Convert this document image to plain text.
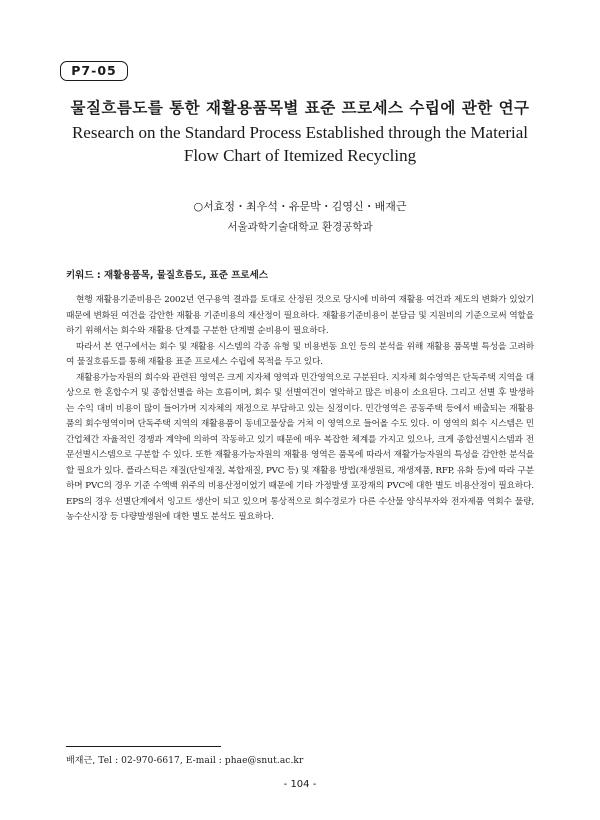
P7-05
물질흐름도를 통한 재활용품목별 표준 프로세스 수립에 관한 연구
Research on the Standard Process Established through the Material Flow Chart of Itemized Recycling
○서효정・최우석・유문박・김영신・배재근
서울과학기술대학교 환경공학과
키워드 : 재활용품목, 물질흐름도, 표준 프로세스

현행 재활용기준비용은 2002년 연구용역 결과를 토대로 산정된 것으로 당시에 비하여 재활용 여건과 제도의 변화가 있었기 때문에 변화된 여건을 감안한 재활용 기준비용의 재산정이 필요하다. 재활용기준비용이 분담금 및 지원비의 기준으로써 역할을 하기 위해서는 회수와 재활용 단계를 구분한 단계별 순비용이 필요하다.

따라서 본 연구에서는 회수 및 재활용 시스템의 각종 유형 및 비용변동 요인 등의 분석을 위해 재활용 품목별 특성을 고려하여 물질흐름도를 통해 재활용 표준 프로세스 수립에 목적을 두고 있다.

재활용가능자원의 회수와 관련된 영역은 크게 지자체 영역과 민간영역으로 구분된다. 지자체 회수영역은 단독주택 지역을 대상으로 한 혼합수거 및 종합선별을 하는 흐름이며, 회수 및 선별여건이 열악하고 많은 비용이 소요된다. 그리고 선별 후 발생하는 수익 대비 비용이 많이 들어가며 지자체의 재정으로 부담하고 있는 실정이다. 민간영역은 공동주택 등에서 배출되는 재활용품의 회수영역이며 단독주택 지역의 재활용품이 동네고물상을 거쳐 이 영역으로 들어올 수도 있다. 이 영역의 회수 시스템은 민간업체간 자율적인 경쟁과 계약에 의하여 작동하고 있기 때문에 매우 복잡한 체계를 가지고 있으나, 크게 종합선별시스템과 전문선별시스템으로 구분할 수 있다. 또한 재활용가능자원의 재활용 영역은 품목에 따라서 재활가능자원의 특성을 감안한 분석을 할 필요가 있다. 플라스틱은 재질(단일재질, 복합재질, PVC 등) 및 재활용 방법(재생원료, 재생제품, RFP, 유화 등)에 따라 구분하며 PVC의 경우 기준 수액백 위주의 비용산정이었기 때문에 기타 가정발생 포장재의 PVC에 대한 별도 비용산정이 필요하다. EPS의 경우 선별단계에서 잉고트 생산이 되고 있으며 통상적으로 회수경로가 다른 수산물 양식부자와 전자제품 역회수 물량, 농수산시장 등 다량발생원에 대한 별도 분석도 필요하다.

배재근, Tel : 02-970-6617, E-mail : phae@snut.ac.kr
- 104 -
